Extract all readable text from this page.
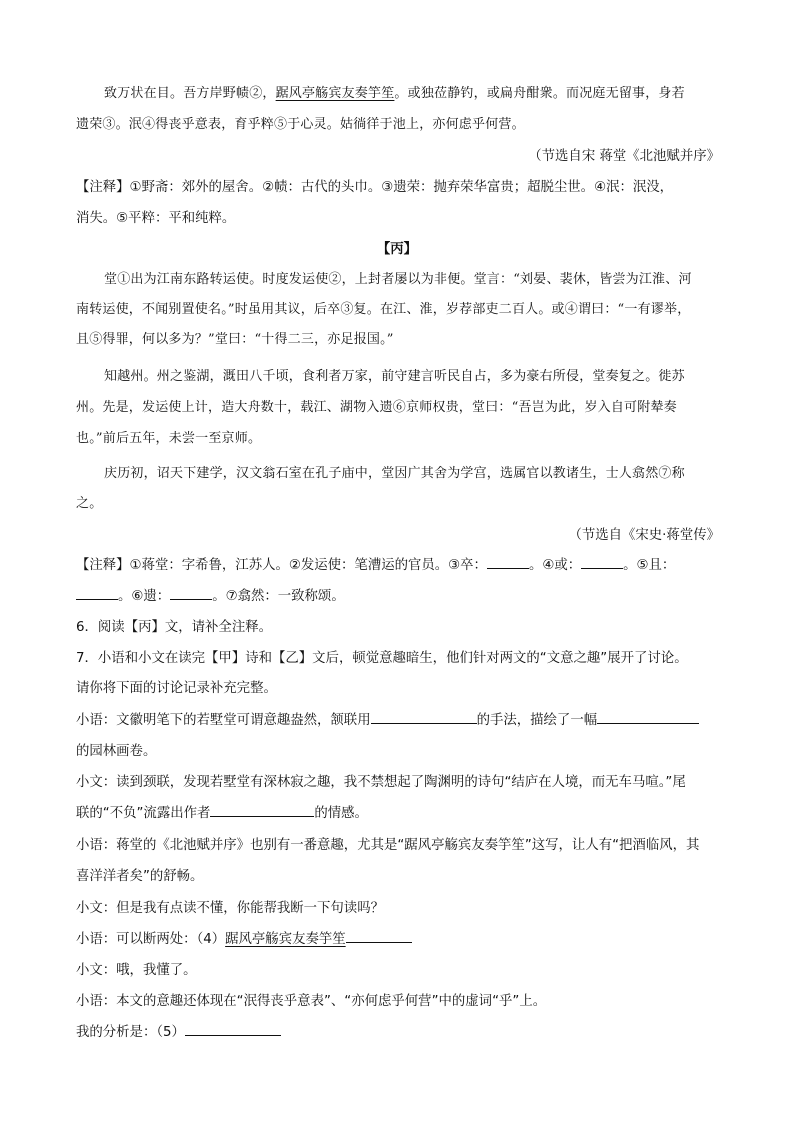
致万状在目。吾方岸野帻②，踞风亭觞宾友奏竽笙。或独莅静钓，或扁舟酣衆。而况庭无留事，身若
遗荣③。泯④得丧乎意表，育乎粹⑤于心灵。姑徜徉于池上，亦何虑乎何营。
（节选自宋 蒋堂《北池赋并序》
【注释】①野斋：郊外的屋舍。②帻：古代的头巾。③遗荣：抛弃荣华富贵；超脱尘世。④泯：泯没，
消失。⑤平粹：平和纯粹。
【丙】
堂①出为江南东路转运使。时度发运使②，上封者屡以为非便。堂言：“刘晏、裴休，皆尝为江淮、河
南转运使，不闻别置使名。”时虽用其议，后卒③复。在江、淮，岁荐部吏二百人。或④谓曰：“一有谬举，
且⑤得罪，何以多为？”堂曰：“十得二三，亦足报国。”
知越州。州之鉴湖，溉田八千顷，食利者万家，前守建言听民自占，多为豪右所侵，堂奏复之。徙苏
州。先是，发运使上计，造大舟数十，载江、湖物入遗⑥京师权贵，堂曰：“吾岂为此，岁入自可附辇奏
也。”前后五年，未尝一至京师。
庆历初，诏天下建学，汉文翁石室在孔子庙中，堂因广其舍为学宫，选属官以教诸生，士人翕然⑦称
之。
（节选自《宋史·蒋堂传》
【注释】①蒋堂：字希鲁，江苏人。②发运使：笔漕运的官员。③卒：	。④或：	。⑤且：
。⑥遗：	。⑦翕然：一致称颂。
6．阅读【丙】文，请补全注释。
7．小语和小文在读完【甲】诗和【乙】文后，顿觉意趣暗生，他们针对两文的“文意之趣”展开了讨论。
请你将下面的讨论记录补充完整。
小语：文徽明笔下的若墅堂可谓意趣盎然，颔联用	的手法，描绘了一幅
的园林画卷。
小文：读到颈联，发现若墅堂有深林寂之趣，我不禁想起了陶渊明的诗句“结庐在人境，而无车马喧。”尾
联的“不负”流露出作者	的情感。
小语：蒋堂的《北池赋并序》也别有一番意趣，尤其是“踞风亭觞宾友奏竽笙”这写，让人有“把酒临风，其
喜洋洋者矣”的舒畅。
小文：但是我有点读不懂，你能帮我断一下句读吗？
小语：可以断两处：（4）踞风亭觞宾友奏竽笙
小文：哦，我懂了。
小语：本文的意趣还体现在“泯得丧乎意表”、“亦何虑乎何营”中的虚词“乎”上。
我的分析是：（5）
